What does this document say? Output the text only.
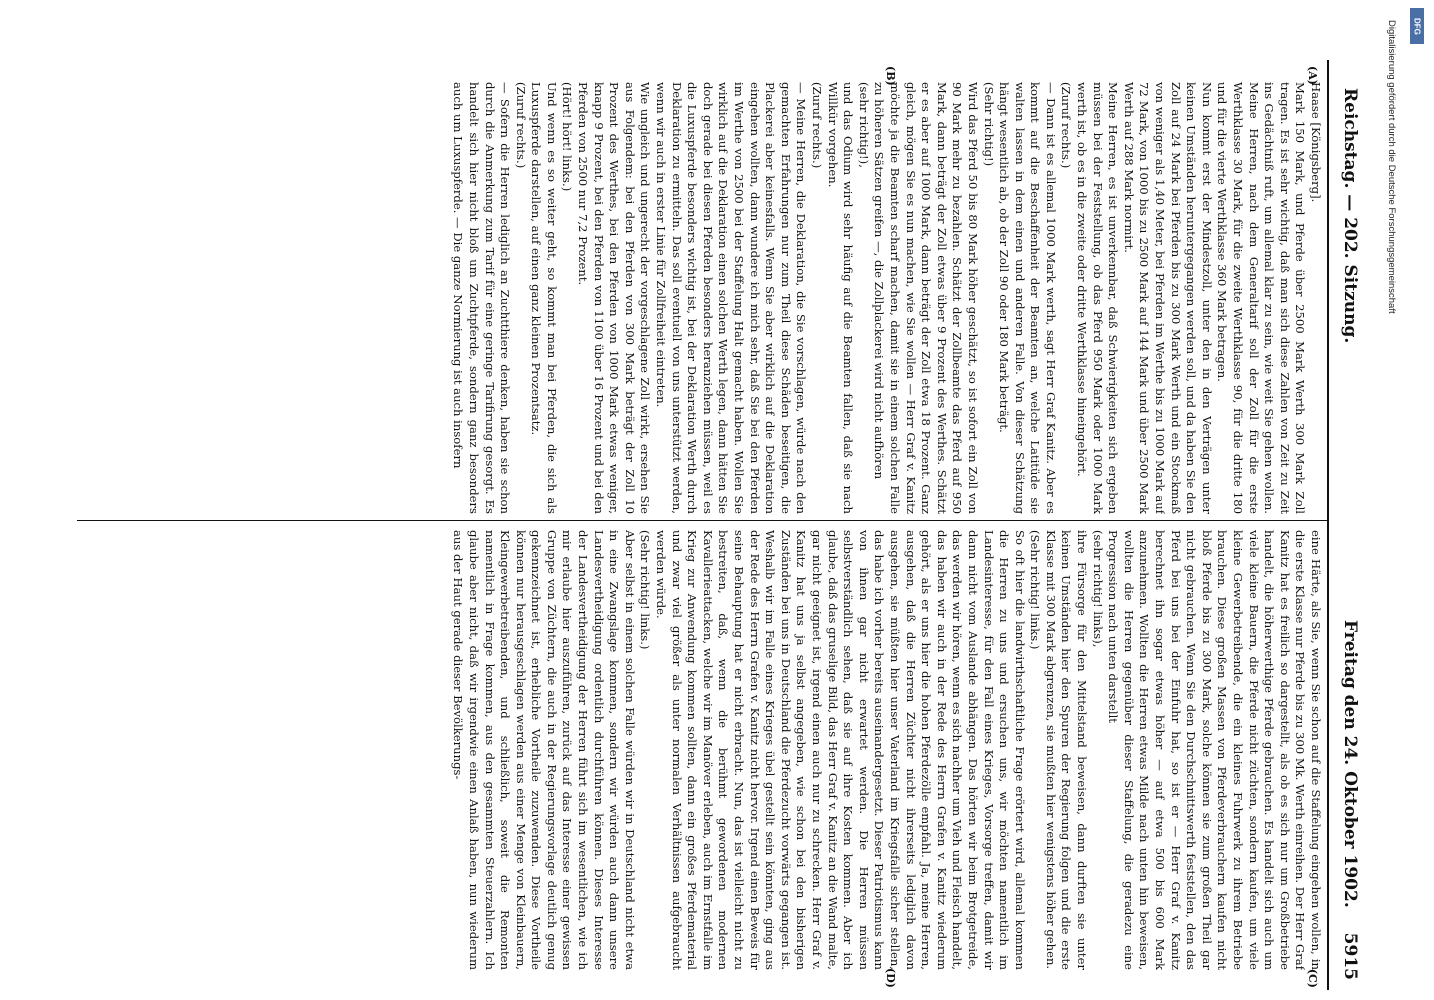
Reichstag. — 202. Sitzung.
Freitag den 24. Oktober 1902.
5915
(A)
(B)
(C)
(D)
Haase [Königsberg].
Mark 150 Mark, und Pferde über 2500 Mark Werth 300 Mark Zoll tragen. Es ist sehr wichtig, daß man sich diese Zahlen von Zeit zu Zeit ins Gedächtniß ruft, um allemal klar zu sein, wie weit Sie gehen wollen. Meine Herren, nach dem Generaltarif soll der Zoll für die erste Werthklasse 30 Mark, für die zweite Werthklasse 90, für die dritte 180 und für die vierte Werthklasse 360 Mark betragen.
Nun kommt erst der Mindestzoll, unter den in den Verträgen unter keinen Umständen heruntergegangen werden soll, und da haben Sie den Zoll auf 24 Mark bei Pferden bis zu 300 Mark Werth und ein Stockmaß von weniger als 1,40 Meter, bei Pferden im Werthe bis zu 1000 Mark auf 72 Mark, von 1000 bis zu 2500 Mark auf 144 Mark und über 2500 Mark Werth auf 288 Mark normirt.
Meine Herren, es ist unverkennbar, daß Schwierigkeiten sich ergeben müssen bei der Feststellung, ob das Pferd 950 Mark oder 1000 Mark werth ist, ob es in die zweite oder dritte Werthklasse hineingehört.
(Zuruf rechts.)
— Dann ist es allemal 1000 Mark werth, sagt Herr Graf Kanitz. Aber es kommt auf die Beschaffenheit der Beamten an, welche Latitüde sie walten lassen in dem einen und anderen Falle. Von dieser Schätzung hängt wesentlich ab, ob der Zoll 90 oder 180 Mark beträgt.
(Sehr richtig!)
Wird das Pferd 50 bis 80 Mark höher geschätzt, so ist sofort ein Zoll von 90 Mark mehr zu bezahlen. Schätzt der Zollbeamte das Pferd auf 950 Mark, dann beträgt der Zoll etwas über 9 Prozent des Werthes. Schätzt er es aber auf 1000 Mark, dann beträgt der Zoll etwa 18 Prozent. Ganz gleich, mögen Sie es nun machen, wie Sie wollen — Herr Graf v. Kanitz möchte ja die Beamten scharf machen, damit sie in einem solchen Falle zu höheren Sätzen greifen —, die Zollplackerei wird nicht aufhören
(sehr richtig!),
und das Odium wird sehr häufig auf die Beamten fallen, daß sie nach Willkür vorgehen.
(Zuruf rechts.)
— Meine Herren, die Deklaration, die Sie vorschlagen, würde nach den gemachten Erfahrungen nur zum Theil diese Schäden beseitigen, die Plackerei aber keinesfalls. Wenn Sie aber wirklich auf die Deklaration eingehen wollten, dann wundere ich mich sehr, daß Sie bei den Pferden im Werthe von 2500 bei der Staffelung Halt gemacht haben. Wollen Sie wirklich auf die Deklaration einen solchen Werth legen, dann hätten Sie doch gerade bei diesen Pferden besonders heranziehen müssen, weil es die Luxuspferde besonders wichtig ist, bei der Deklaration Werth durch Deklaration zu ermitteln. Das soll eventuell von uns unterstützt werden, wenn wir auch in erster Linie für Zollfreiheit eintreten.
Wie ungleich und ungerecht der vorgeschlagene Zoll wirkt, ersehen Sie aus Folgendem: bei den Pferden von 300 Mark beträgt der Zoll 10 Prozent des Werthes, bei den Pferden von 1000 Mark etwas weniger, knapp 9 Prozent, bei den Pferden von 1100 über 16 Prozent und bei den Pferden von 2500 nur 7,2 Prozent.
(Hört! hört! links.)
Und wenn es so weiter geht, so kommt man bei Pferden, die sich als Luxuspferde darstellen, auf einen ganz kleinen Prozentsatz.
(Zuruf rechts.)
— Sofern die Herren lediglich an Zuchtthiere denken, haben sie schon durch die Anmerkung zum Tarif für eine geringe Tarifirung gesorgt. Es handelt sich hier nicht bloß um Zuchtpferde, sondern ganz besonders auch um Luxuspferde. — Die ganze Normierung ist auch insofern
eine Härte, als Sie, wenn Sie schon auf die Staffelung eingehen wollen, in die erste Klasse nur Pferde bis zu 300 Mk. Werth einreihen. Der Herr Graf Kanitz hat es freilich so dargestellt, als ob es sich nur um Großbetriebe handelt, die höherwerthige Pferde gebrauchen. Es handelt sich auch um viele kleine Bauern, die Pferde nicht züchten, sondern kaufen, um viele kleine Gewerbetreibende, die ein kleines Fuhrwerk zu ihrem Betriebe brauchen. Diese großen Massen von Pferdeverbrauchern kaufen nicht bloß Pferde bis zu 300 Mark, solche können sie zum großen Theil gar nicht gebrauchen. Wenn Sie den Durchschnittswerth feststellen, den das Pferd bei uns bei der Einfuhr hat, so ist er — Herr Graf v. Kanitz berechnet ihn sogar etwas höher — auf etwa 500 bis 600 Mark anzunehmen. Wollten die Herren etwas Milde nach unten hin beweisen, wollten die Herren gegenüber dieser Staffelung, die geradezu eine Progression nach unten darstellt
(sehr richtig! links),
ihre Fürsorge für den Mittelstand beweisen, dann durften sie unter keinen Umständen hier den Spuren der Regierung folgen und die erste Klasse mit 300 Mark abgrenzen, sie mußten hier wenigstens höher gehen.
(Sehr richtig! links.)
So oft hier die landwirthschaftliche Frage erörtert wird, allemal kommen die Herren zu uns und ersuchen uns, wir möchten namentlich im Landesinteresse, für den Fall eines Krieges, Vorsorge treffen, damit wir dann nicht vom Auslande abhängen. Das hörten wir beim Brotgetreide, das werden wir hören, wenn es sich nachher um Vieh und Fleisch handelt, das haben wir auch in der Rede des Herrn Grafen v. Kanitz wiederum gehört, als er uns hier die hohen Pferdezölle empfahl. Ja, meine Herren, ausgehen, daß die Herren Züchter nicht ihrerseits lediglich davon ausgehen, sie müßten hier unser Vaterland im Kriegsfalle sicher stellen, das habe ich vorher bereits auseinandergesetzt. Dieser Patriotismus kann von ihnen gar nicht erwartet werden. Die Herren müssen selbstverständlich sehen, daß sie auf ihre Kosten kommen. Aber ich glaube, daß das gruselige Bild, das Herr Graf v. Kanitz an die Wand malte, gar nicht geeignet ist, irgend einen auch nur zu schrecken. Herr Graf v. Kanitz hat uns ja selbst angegeben, wie schon bei den bisherigen Zuständen bei uns in Deutschland die Pferdezucht vorwärts gegangen ist. Weshalb wir im Falle eines Krieges übel gestellt sein könnten, ging aus der Rede des Herrn Grafen v. Kanitz nicht hervor. Irgend einen Beweis für seine Behauptung hat er nicht erbracht. Nun, das ist vielleicht nicht zu bestreiten, daß, wenn die berühmt gewordenen modernen Kavallerieattacken, welche wir im Manöver erleben, auch im Ernstfalle im Krieg zur Anwendung kommen sollten, dann ein großes Pferdematerial und zwar viel größer als unter normalen Verhältnissen aufgebraucht werden würde.
(Sehr richtig! links.)
Aber selbst in einem solchen Falle würden wir in Deutschland nicht etwa in eine Zwangslage kommen, sondern wir würden auch dann unsere Landesvertheidigung ordentlich durchführen können. Dieses Interesse der Landesvertheidigung der Herren führt sich im wesentlichen, wie ich mir erlaube hier auszuführen, zurück auf das Interesse einer gewissen Gruppe von Züchtern, die auch in der Regierungsvorlage deutlich genug gekennzeichnet ist, erhebliche Vortheile zuzuwenden. Diese Vortheile können nur herausgeschlagen werden aus einer Menge von Kleinbauern, Kleingewerbetreibenden, und schließlich, soweit die Remonten namentlich in Frage kommen, aus den gesammten Steuerzahlern. Ich glaube aber nicht, daß wir irgendwie einen Anlaß haben, nun wiederum aus der Haut gerade dieser Bevölkerungs-
DFG
Digitalisierung gefördert durch die Deutsche Forschungsgemeinschaft
